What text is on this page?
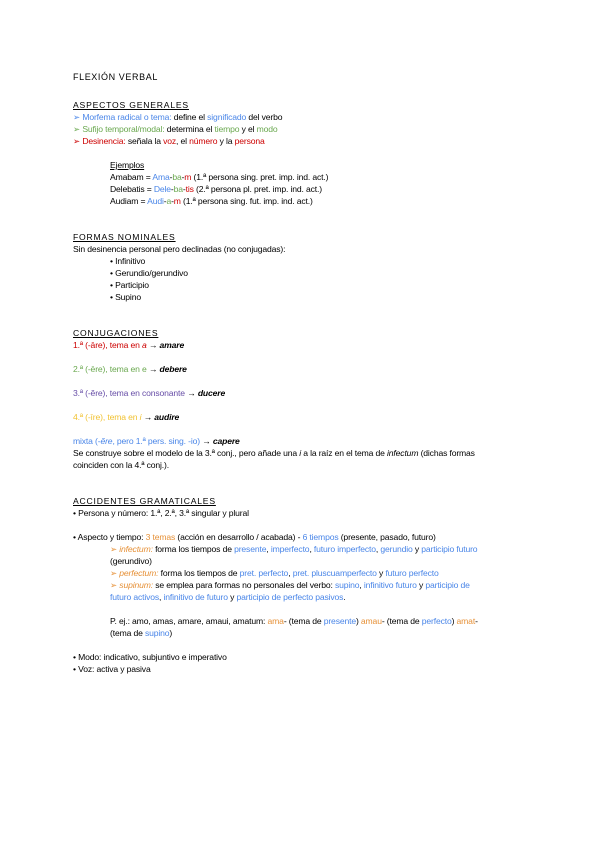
FLEXIÓN VERBAL
ASPECTOS GENERALES
➢ Morfema radical o tema: define el significado del verbo
➢ Sufijo temporal/modal: determina el tiempo y el modo
➢ Desinencia: señala la voz, el número y la persona
Ejemplos
Amabam = Ama-ba-m (1.ª persona sing. pret. imp. ind. act.)
Delebatis = Dele-ba-tis (2.ª persona pl. pret. imp. ind. act.)
Audiam = Audi-a-m (1.ª persona sing. fut. imp. ind. act.)
FORMAS NOMINALES
Sin desinencia personal pero declinadas (no conjugadas):
• Infinitivo
• Gerundio/gerundivo
• Participio
• Supino
CONJUGACIONES
1.ª (-āre), tema en a → amare
2.ª (-ēre), tema en e → debere
3.ª (-ĕre), tema en consonante → ducere
4.ª (-īre), tema en i → audire
mixta (-ĕre, pero 1.ª pers. sing. -io) → capere
Se construye sobre el modelo de la 3.ª conj., pero añade una i a la raíz en el tema de infectum (dichas formas
coinciden con la 4.ª conj.).
ACCIDENTES GRAMATICALES
• Persona y número: 1.ª, 2.ª, 3.ª singular y plural
• Aspecto y tiempo: 3 temas (acción en desarrollo / acabada) - 6 tiempos (presente, pasado, futuro)
➢ infectum: forma los tiempos de presente, imperfecto, futuro imperfecto, gerundio y participio futuro
(gerundivo)
➢ perfectum: forma los tiempos de pret. perfecto, pret. pluscuamperfecto y futuro perfecto
➢ supinum: se emplea para formas no personales del verbo: supino, infinitivo futuro y participio de
futuro activos, infinitivo de futuro y participio de perfecto pasivos.
P. ej.: amo, amas, amare, amaui, amatum: ama- (tema de presente) amau- (tema de perfecto) amat-
(tema de supino)
• Modo: indicativo, subjuntivo e imperativo
• Voz: activa y pasiva
